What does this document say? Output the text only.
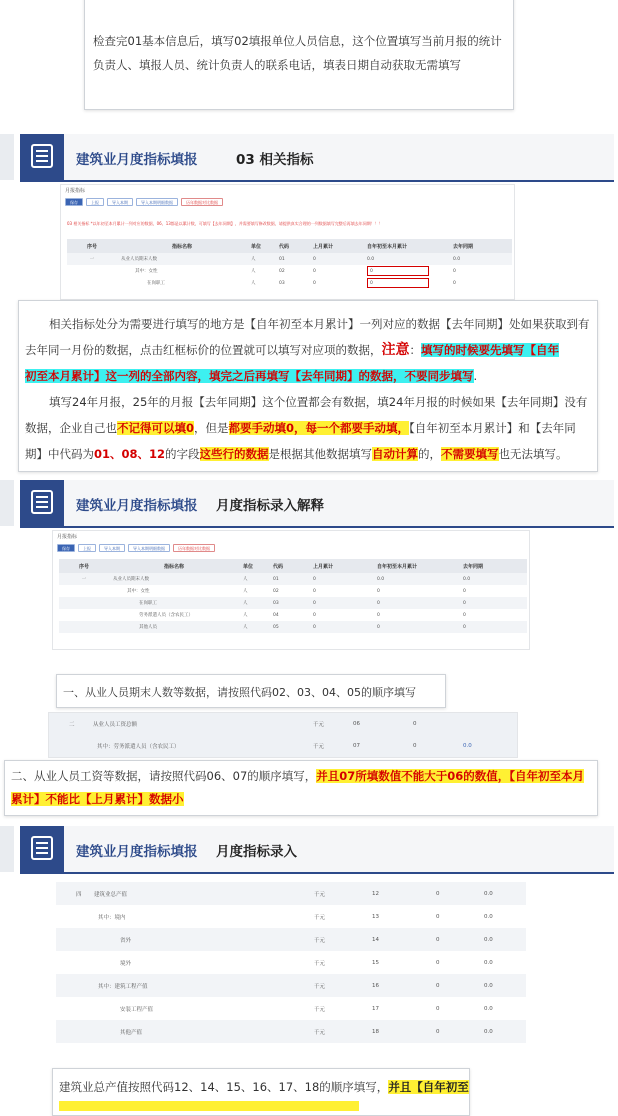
检查完01基本信息后，填写02填报单位人员信息，这个位置填写当前月报的统计
负责人、填报人员、统计负责人的联系电话，填表日期自动获取无需填写
建筑业月度指标填报	03 相关指标
月报指标
保存	上报	导入本期	导入本期明细数据	历年数据对比数据
03 相关指标 *以年初至本月累计一列对应的数据，06、13都是以累计数，可填写【去年同期】，并需要填写修改数据，请提供真实合理的一列数据填写完整后再填去年同期！！！
序号	指标名称	单位	代码	上月累计	自年初至本月累计	去年同期
一	从业人员期末人数	人	01	0	0.0	0.0
	其中：女性	人	02	0	0	0
	在岗职工	人	03	0	0	0
相关指标处分为需要进行填写的地方是【自年初至本月累计】一列对应的数据【去年同期】处如果获取到有
去年同一月份的数据，点击红框标价的位置就可以填写对应项的数据，注意：填写的时候要先填写【自年
初至本月累计】这一列的全部内容，填完之后再填写【去年同期】的数据，不要同步填写.
填写24年月报，25年的月报【去年同期】这个位置都会有数据，填24年月报的时候如果【去年同期】没有
数据，企业自己也不记得可以填0，但是都要手动填0，每一个都要手动填，【自年初至本月累计】和【去年同
期】中代码为01、08、12的字段这些行的数据是根据其他数据填写自动计算的，不需要填写也无法填写。
建筑业月度指标填报 月度指标录入解释
月报指标
保存	上报	导入本期	导入本期明细数据	历年数据对比数据
序号	指标名称	单位	代码	上月累计	自年初至本月累计	去年同期
一	从业人员期末人数	人	01	0	0.0	0.0
	其中：女性	人	02	0	0	0
	在岗职工	人	03	0	0	0
	劳务派遣人员（含农民工）	人	04	0	0	0
	其他人员	人	05	0	0	0
一、从业人员期末人数等数据，请按照代码02、03、04、05的顺序填写
二	从业人员工资总额	千元	06	0	
	其中：劳务派遣人员（含农民工）	千元	07	0	0.0
二、从业人员工资等数据，请按照代码06、07的顺序填写，并且07所填数值不能大于06的数值，【自年初至本月
累计】不能比【上月累计】数据小
建筑业月度指标填报 月度指标录入
四	建筑业总产值	千元	12	0	0.0
	其中：境内	千元	13	0	0.0
	省外	千元	14	0	0.0
	境外	千元	15	0	0.0
	其中：建筑工程产值	千元	16	0	0.0
	安装工程产值	千元	17	0	0.0
	其他产值	千元	18	0	0.0
建筑业总产值按照代码12、14、15、16、17、18的顺序填写，并且【自年初至
